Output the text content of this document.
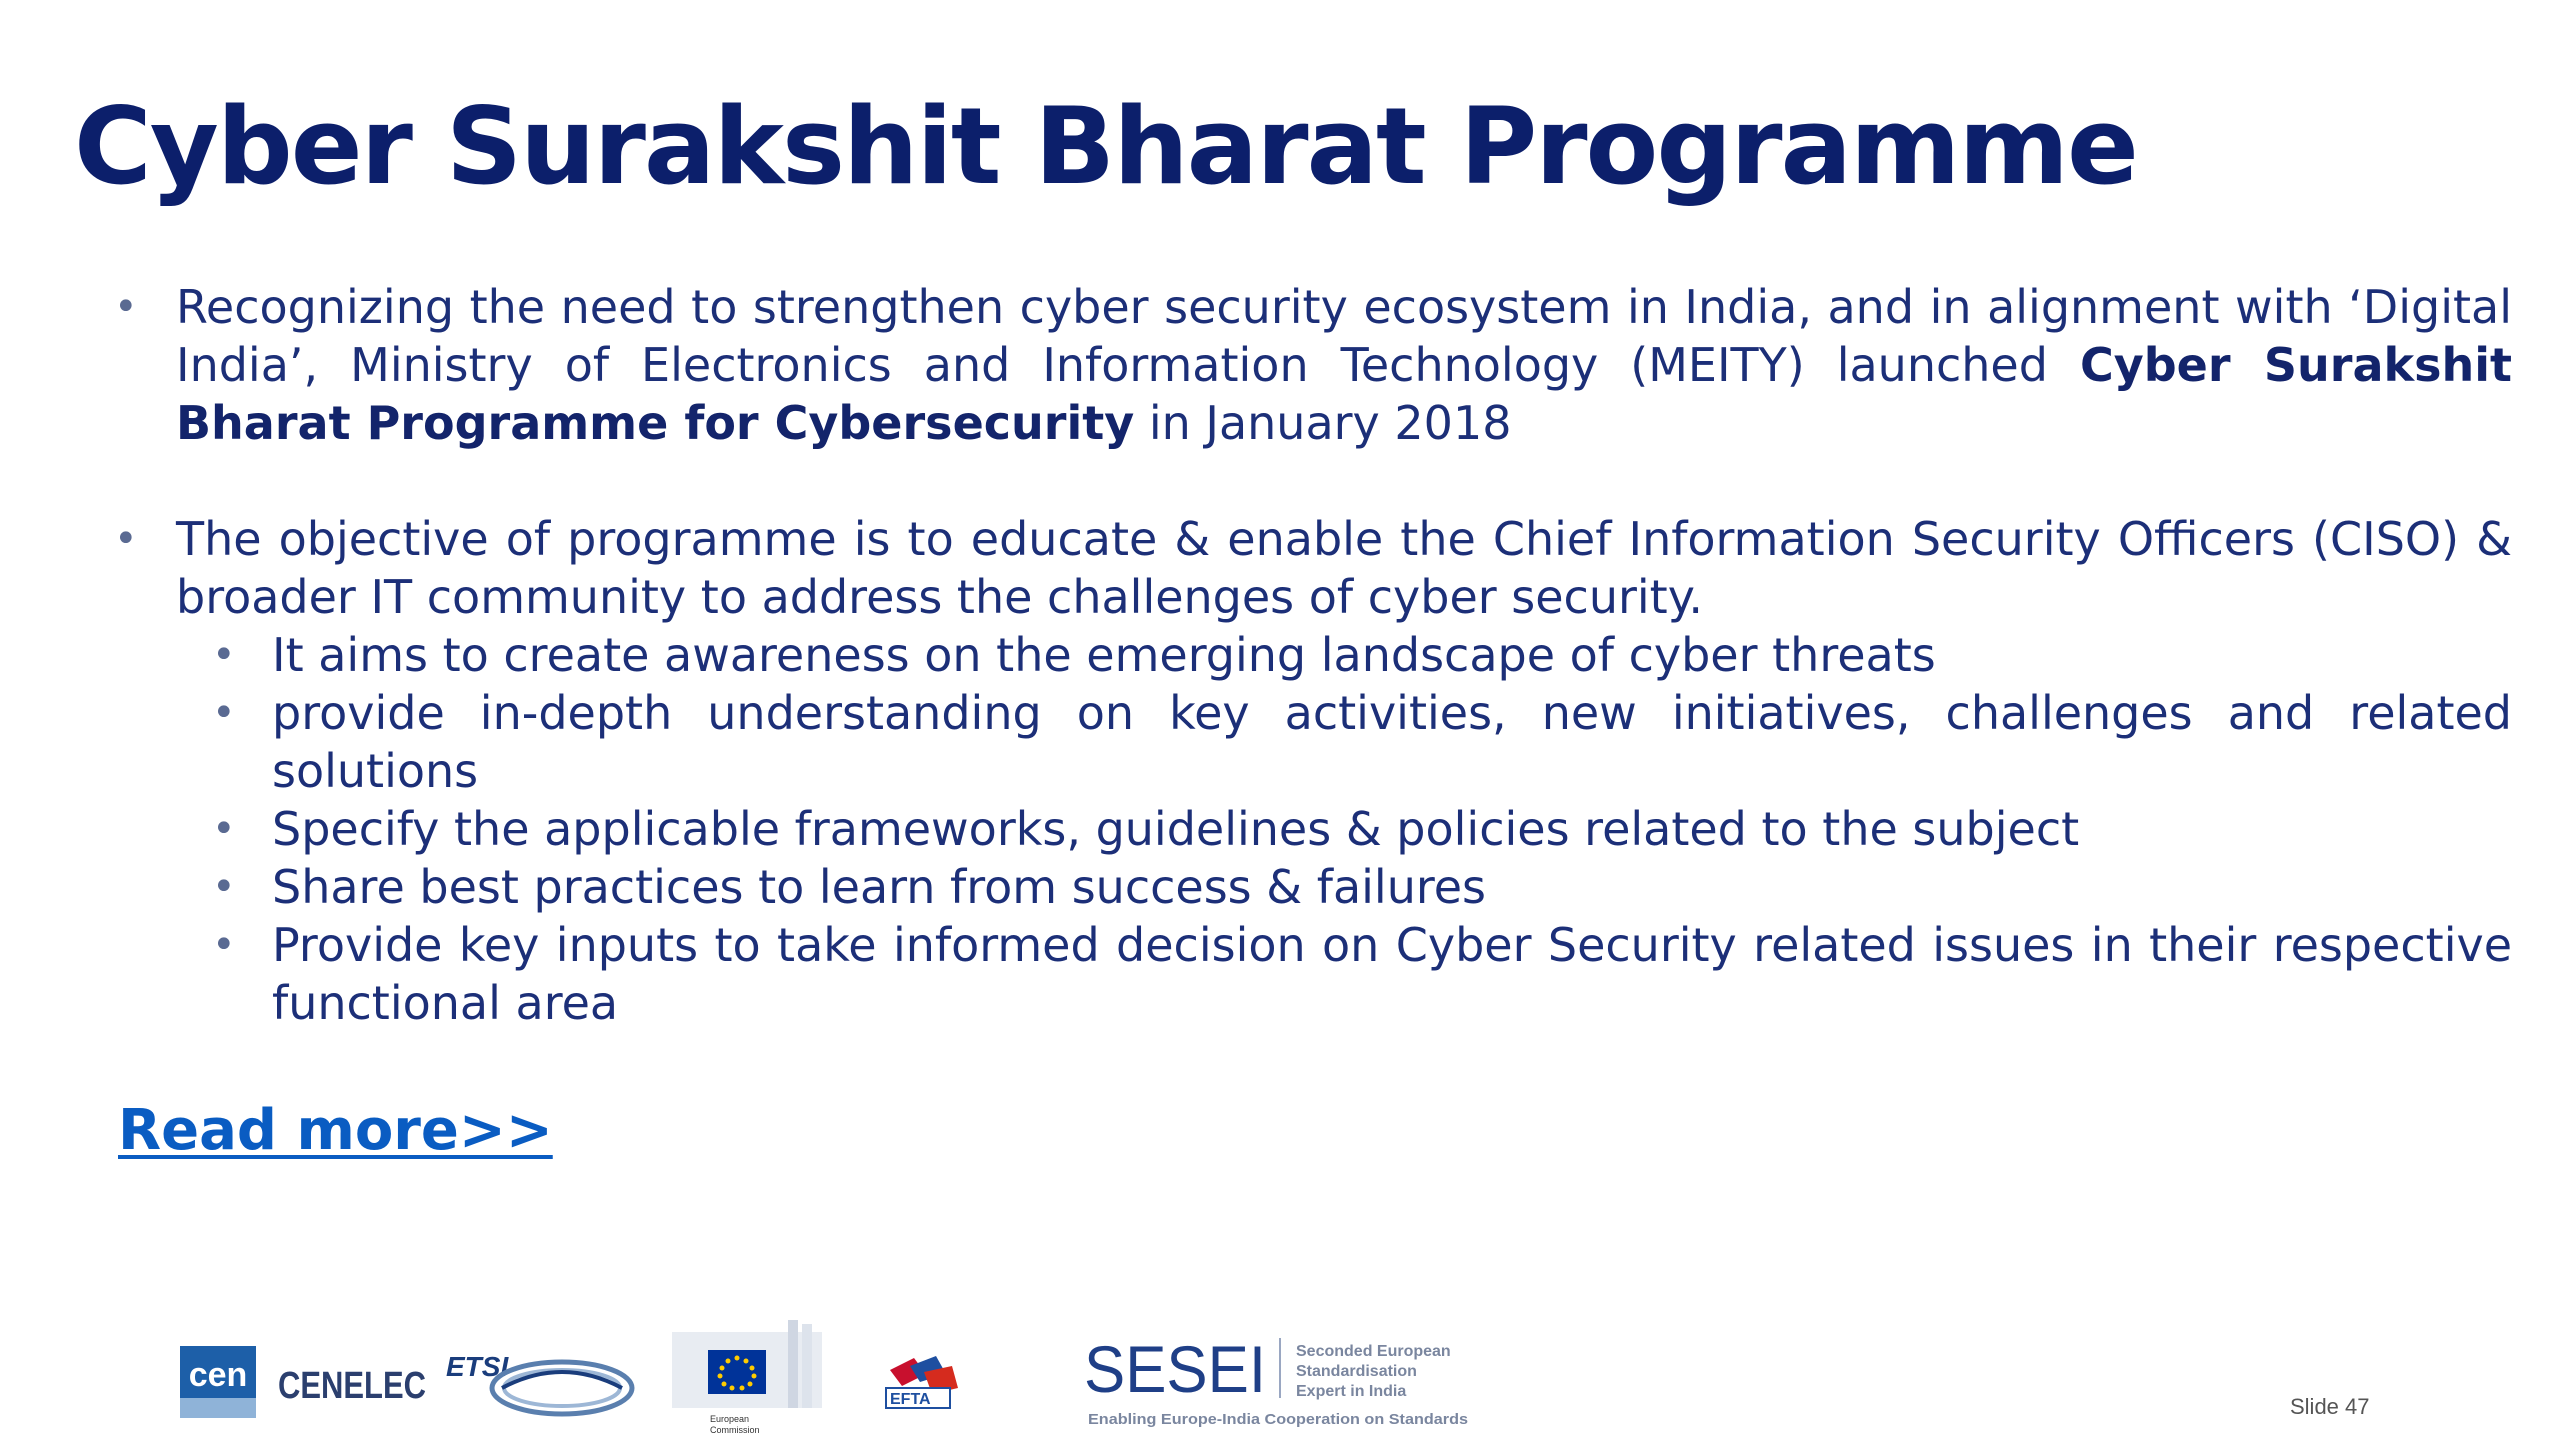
Cyber Surakshit Bharat Programme
• Recognizing the need to strengthen cyber security ecosystem in India, and in alignment with ‘Digital India’, Ministry of Electronics and Information Technology (MEITY) launched Cyber Surakshit Bharat Programme for Cybersecurity in January 2018
• The objective of programme is to educate & enable the Chief Information Security Officers (CISO) & broader IT community to address the challenges of cyber security.
• It aims to create awareness on the emerging landscape of cyber threats
• provide in-depth understanding on key activities, new initiatives, challenges and related solutions
• Specify the applicable frameworks, guidelines & policies related to the subject
• Share best practices to learn from success & failures
• Provide key inputs to take informed decision on Cyber Security related issues in their respective functional area
Read more>>
cen CENELEC ETSI
European
Commission
EFTA SESEI Seconded European
Standardisation
Expert in India
Enabling Europe-India Cooperation on Standards
Slide 47
